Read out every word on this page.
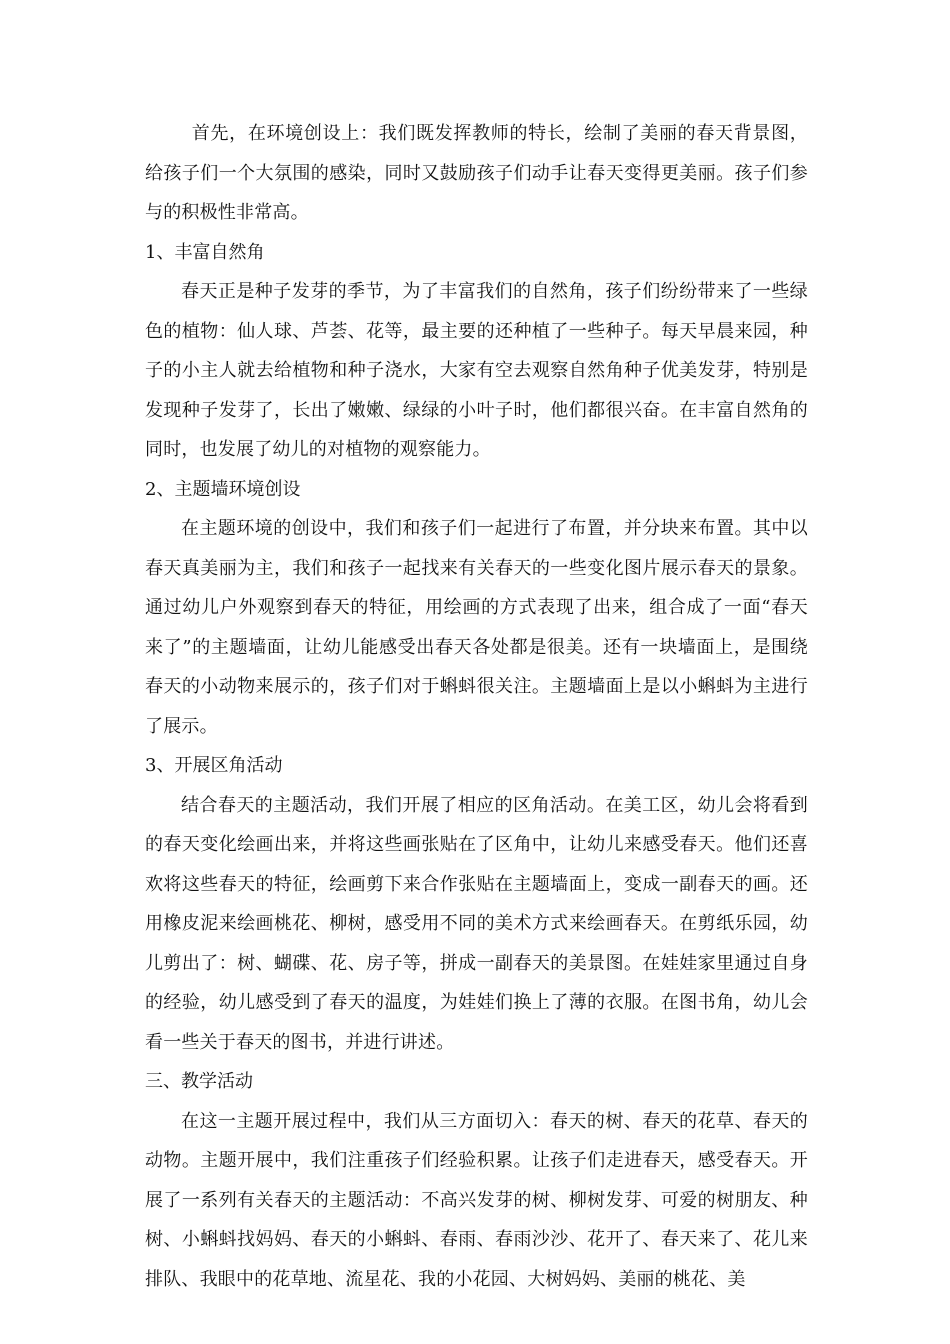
首先，在环境创设上：我们既发挥教师的特长，绘制了美丽的春天背景图，给孩子们一个大氛围的感染，同时又鼓励孩子们动手让春天变得更美丽。孩子们参与的积极性非常高。

1、丰富自然角

春天正是种子发芽的季节，为了丰富我们的自然角，孩子们纷纷带来了一些绿色的植物：仙人球、芦荟、花等，最主要的还种植了一些种子。每天早晨来园，种子的小主人就去给植物和种子浇水，大家有空去观察自然角种子优美发芽，特别是发现种子发芽了，长出了嫩嫩、绿绿的小叶子时，他们都很兴奋。在丰富自然角的同时，也发展了幼儿的对植物的观察能力。

2、主题墙环境创设

在主题环境的创设中，我们和孩子们一起进行了布置，并分块来布置。其中以春天真美丽为主，我们和孩子一起找来有关春天的一些变化图片展示春天的景象。通过幼儿户外观察到春天的特征，用绘画的方式表现了出来，组合成了一面“春天来了”的主题墙面，让幼儿能感受出春天各处都是很美。还有一块墙面上，是围绕春天的小动物来展示的，孩子们对于蝌蚪很关注。主题墙面上是以小蝌蚪为主进行了展示。

3、开展区角活动

结合春天的主题活动，我们开展了相应的区角活动。在美工区，幼儿会将看到的春天变化绘画出来，并将这些画张贴在了区角中，让幼儿来感受春天。他们还喜欢将这些春天的特征，绘画剪下来合作张贴在主题墙面上，变成一副春天的画。还用橡皮泥来绘画桃花、柳树，感受用不同的美术方式来绘画春天。在剪纸乐园，幼儿剪出了：树、蝴碟、花、房子等，拼成一副春天的美景图。在娃娃家里通过自身的经验，幼儿感受到了春天的温度，为娃娃们换上了薄的衣服。在图书角，幼儿会看一些关于春天的图书，并进行讲述。

三、教学活动

在这一主题开展过程中，我们从三方面切入：春天的树、春天的花草、春天的动物。主题开展中，我们注重孩子们经验积累。让孩子们走进春天，感受春天。开展了一系列有关春天的主题活动：不高兴发芽的树、柳树发芽、可爱的树朋友、种树、小蝌蚪找妈妈、春天的小蝌蚪、春雨、春雨沙沙、花开了、春天来了、花儿来排队、我眼中的花草地、流星花、我的小花园、大树妈妈、美丽的桃花、美
